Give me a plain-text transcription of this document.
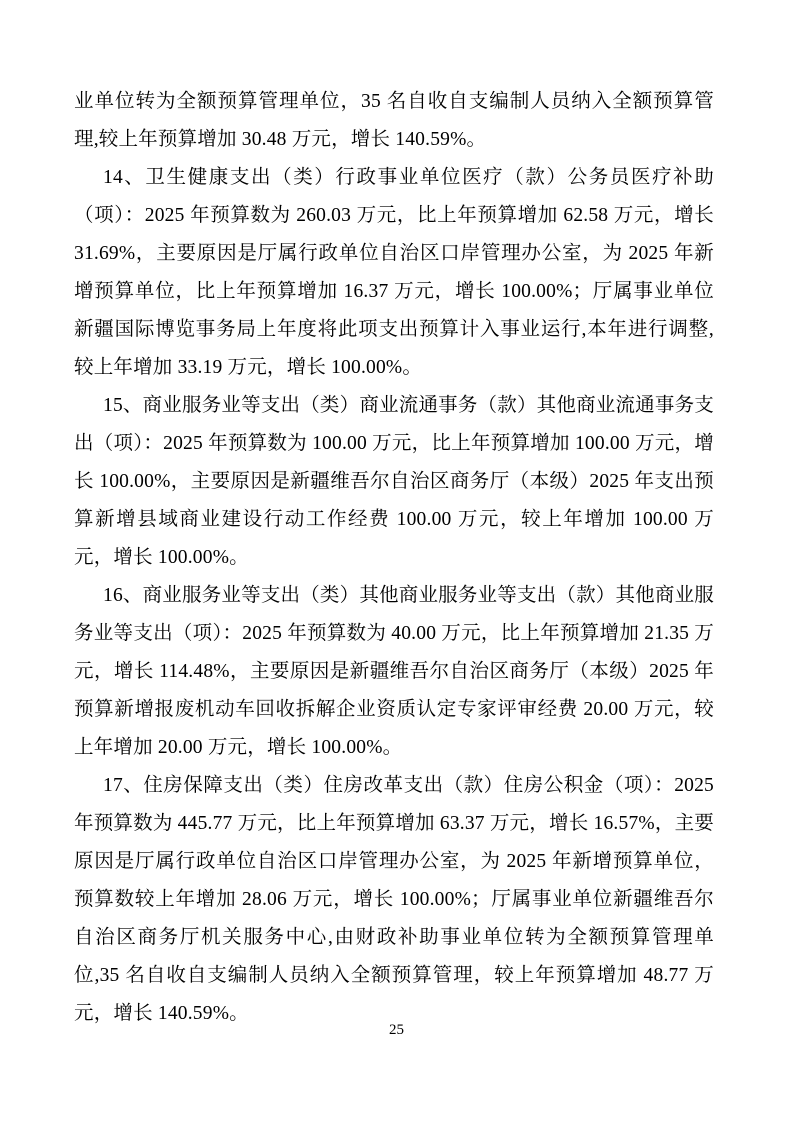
业单位转为全额预算管理单位，35 名自收自支编制人员纳入全额预算管理,较上年预算增加 30.48 万元，增长 140.59%。

14、卫生健康支出（类）行政事业单位医疗（款）公务员医疗补助（项）：2025 年预算数为 260.03 万元，比上年预算增加 62.58 万元，增长 31.69%，主要原因是厅属行政单位自治区口岸管理办公室，为 2025 年新增预算单位，比上年预算增加 16.37 万元，增长 100.00%；厅属事业单位新疆国际博览事务局上年度将此项支出预算计入事业运行,本年进行调整,较上年增加 33.19 万元，增长 100.00%。

15、商业服务业等支出（类）商业流通事务（款）其他商业流通事务支出（项）：2025 年预算数为 100.00 万元，比上年预算增加 100.00 万元，增长 100.00%，主要原因是新疆维吾尔自治区商务厅（本级）2025 年支出预算新增县域商业建设行动工作经费 100.00 万元，较上年增加 100.00 万元，增长 100.00%。

16、商业服务业等支出（类）其他商业服务业等支出（款）其他商业服务业等支出（项）：2025 年预算数为 40.00 万元，比上年预算增加 21.35 万元，增长 114.48%，主要原因是新疆维吾尔自治区商务厅（本级）2025 年预算新增报废机动车回收拆解企业资质认定专家评审经费 20.00 万元，较上年增加 20.00 万元，增长 100.00%。

17、住房保障支出（类）住房改革支出（款）住房公积金（项）：2025 年预算数为 445.77 万元，比上年预算增加 63.37 万元，增长 16.57%，主要原因是厅属行政单位自治区口岸管理办公室，为 2025 年新增预算单位，预算数较上年增加 28.06 万元，增长 100.00%；厅属事业单位新疆维吾尔自治区商务厅机关服务中心,由财政补助事业单位转为全额预算管理单位,35 名自收自支编制人员纳入全额预算管理，较上年预算增加 48.77 万元，增长 140.59%。

25
